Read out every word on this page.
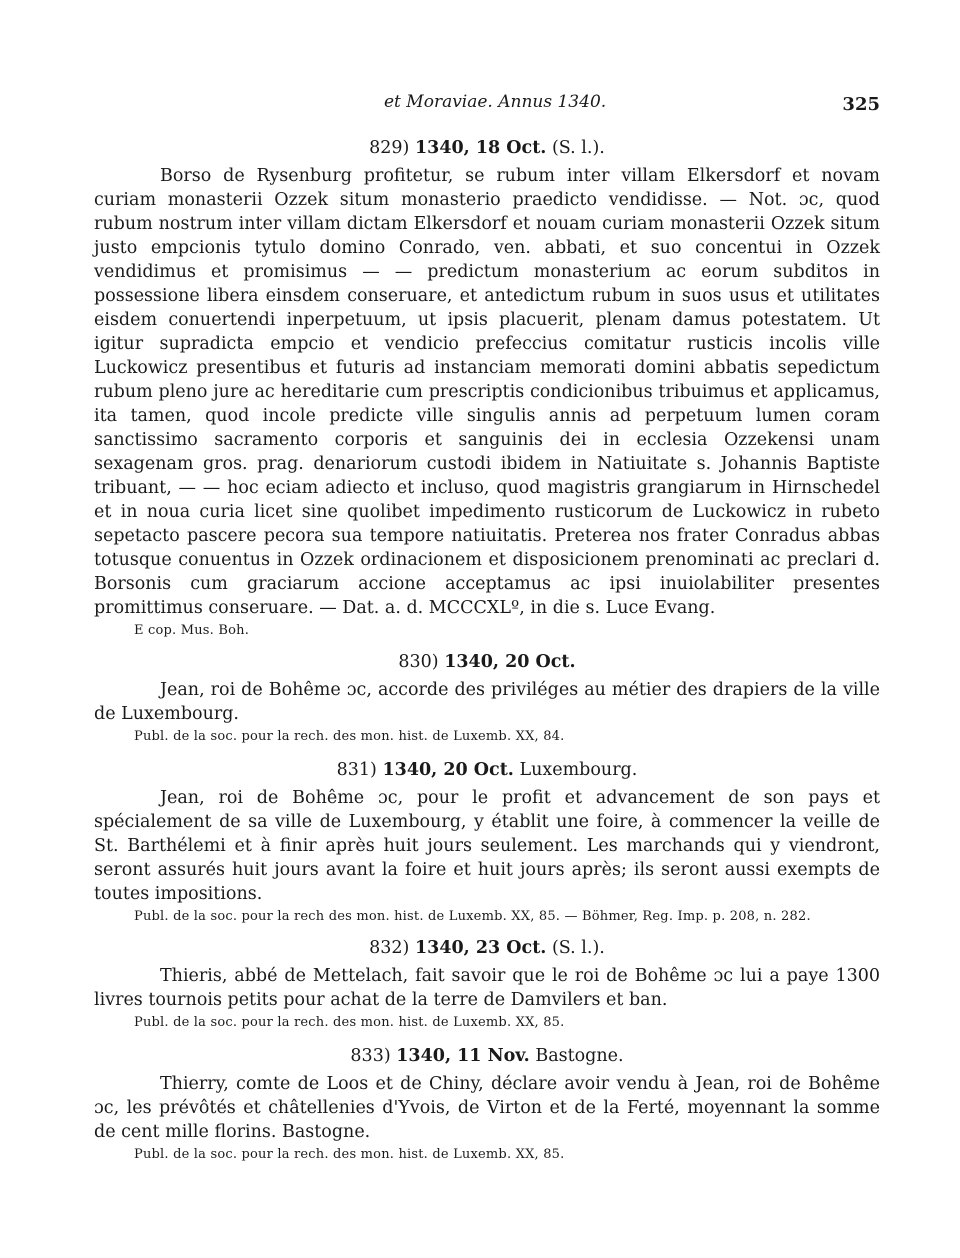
et Moraviae. Annus 1340.	325
829) 1340, 18 Oct. (S. l.).

Borso de Rysenburg profitetur, se rubum inter villam Elkersdorf et novam curiam monasterii Ozzek situm monasterio praedicto vendidisse. — Not. ɔc, quod rubum nostrum inter villam dictam Elkersdorf et nouam curiam monasterii Ozzek situm justo empcionis tytulo domino Conrado, ven. abbati, et suo concentui in Ozzek vendidimus et promisimus — — predictum monasterium ac eorum subditos in possessione libera einsdem conseruare, et antedictum rubum in suos usus et utilitates eisdem conuertendi inperpetuum, ut ipsis placuerit, plenam damus potestatem. Ut igitur supradicta empcio et vendicio prefeccius comitatur rusticis incolis ville Luckowicz presentibus et futuris ad instanciam memorati domini abbatis sepedictum rubum pleno jure ac hereditarie cum prescriptis condicionibus tribuimus et applicamus, ita tamen, quod incole predicte ville singulis annis ad perpetuum lumen coram sanctissimo sacramento corporis et sanguinis dei in ecclesia Ozzekensi unam sexagenam gros. prag. denariorum custodi ibidem in Natiuitate s. Johannis Baptiste tribuant, — — hoc eciam adiecto et incluso, quod magistris grangiarum in Hirnschedel et in noua curia licet sine quolibet impedimento rusticorum de Luckowicz in rubeto sepetacto pascere pecora sua tempore natiuitatis. Preterea nos frater Conradus abbas totusque conuentus in Ozzek ordinacionem et disposicionem prenominati ac preclari d. Borsonis cum graciarum accione acceptamus ac ipsi inuiolabiliter presentes promittimus conseruare. — Dat. a. d. MCCCXLº, in die s. Luce Evang.

E cop. Mus. Boh.

830) 1340, 20 Oct.

Jean, roi de Bohême ɔc, accorde des priviléges au métier des drapiers de la ville de Luxembourg.

Publ. de la soc. pour la rech. des mon. hist. de Luxemb. XX, 84.

831) 1340, 20 Oct. Luxembourg.

Jean, roi de Bohême ɔc, pour le profit et advancement de son pays et spécialement de sa ville de Luxembourg, y établit une foire, à commencer la veille de St. Barthélemi et à finir après huit jours seulement. Les marchands qui y viendront, seront assurés huit jours avant la foire et huit jours après; ils seront aussi exempts de toutes impositions.

Publ. de la soc. pour la rech des mon. hist. de Luxemb. XX, 85. — Böhmer, Reg. Imp. p. 208, n. 282.

832) 1340, 23 Oct. (S. l.).

Thieris, abbé de Mettelach, fait savoir que le roi de Bohême ɔc lui a paye 1300 livres tournois petits pour achat de la terre de Damvilers et ban.

Publ. de la soc. pour la rech. des mon. hist. de Luxemb. XX, 85.

833) 1340, 11 Nov. Bastogne.

Thierry, comte de Loos et de Chiny, déclare avoir vendu à Jean, roi de Bohême ɔc, les prévôtés et châtellenies d'Yvois, de Virton et de la Ferté, moyennant la somme de cent mille florins. Bastogne.

Publ. de la soc. pour la rech. des mon. hist. de Luxemb. XX, 85.
